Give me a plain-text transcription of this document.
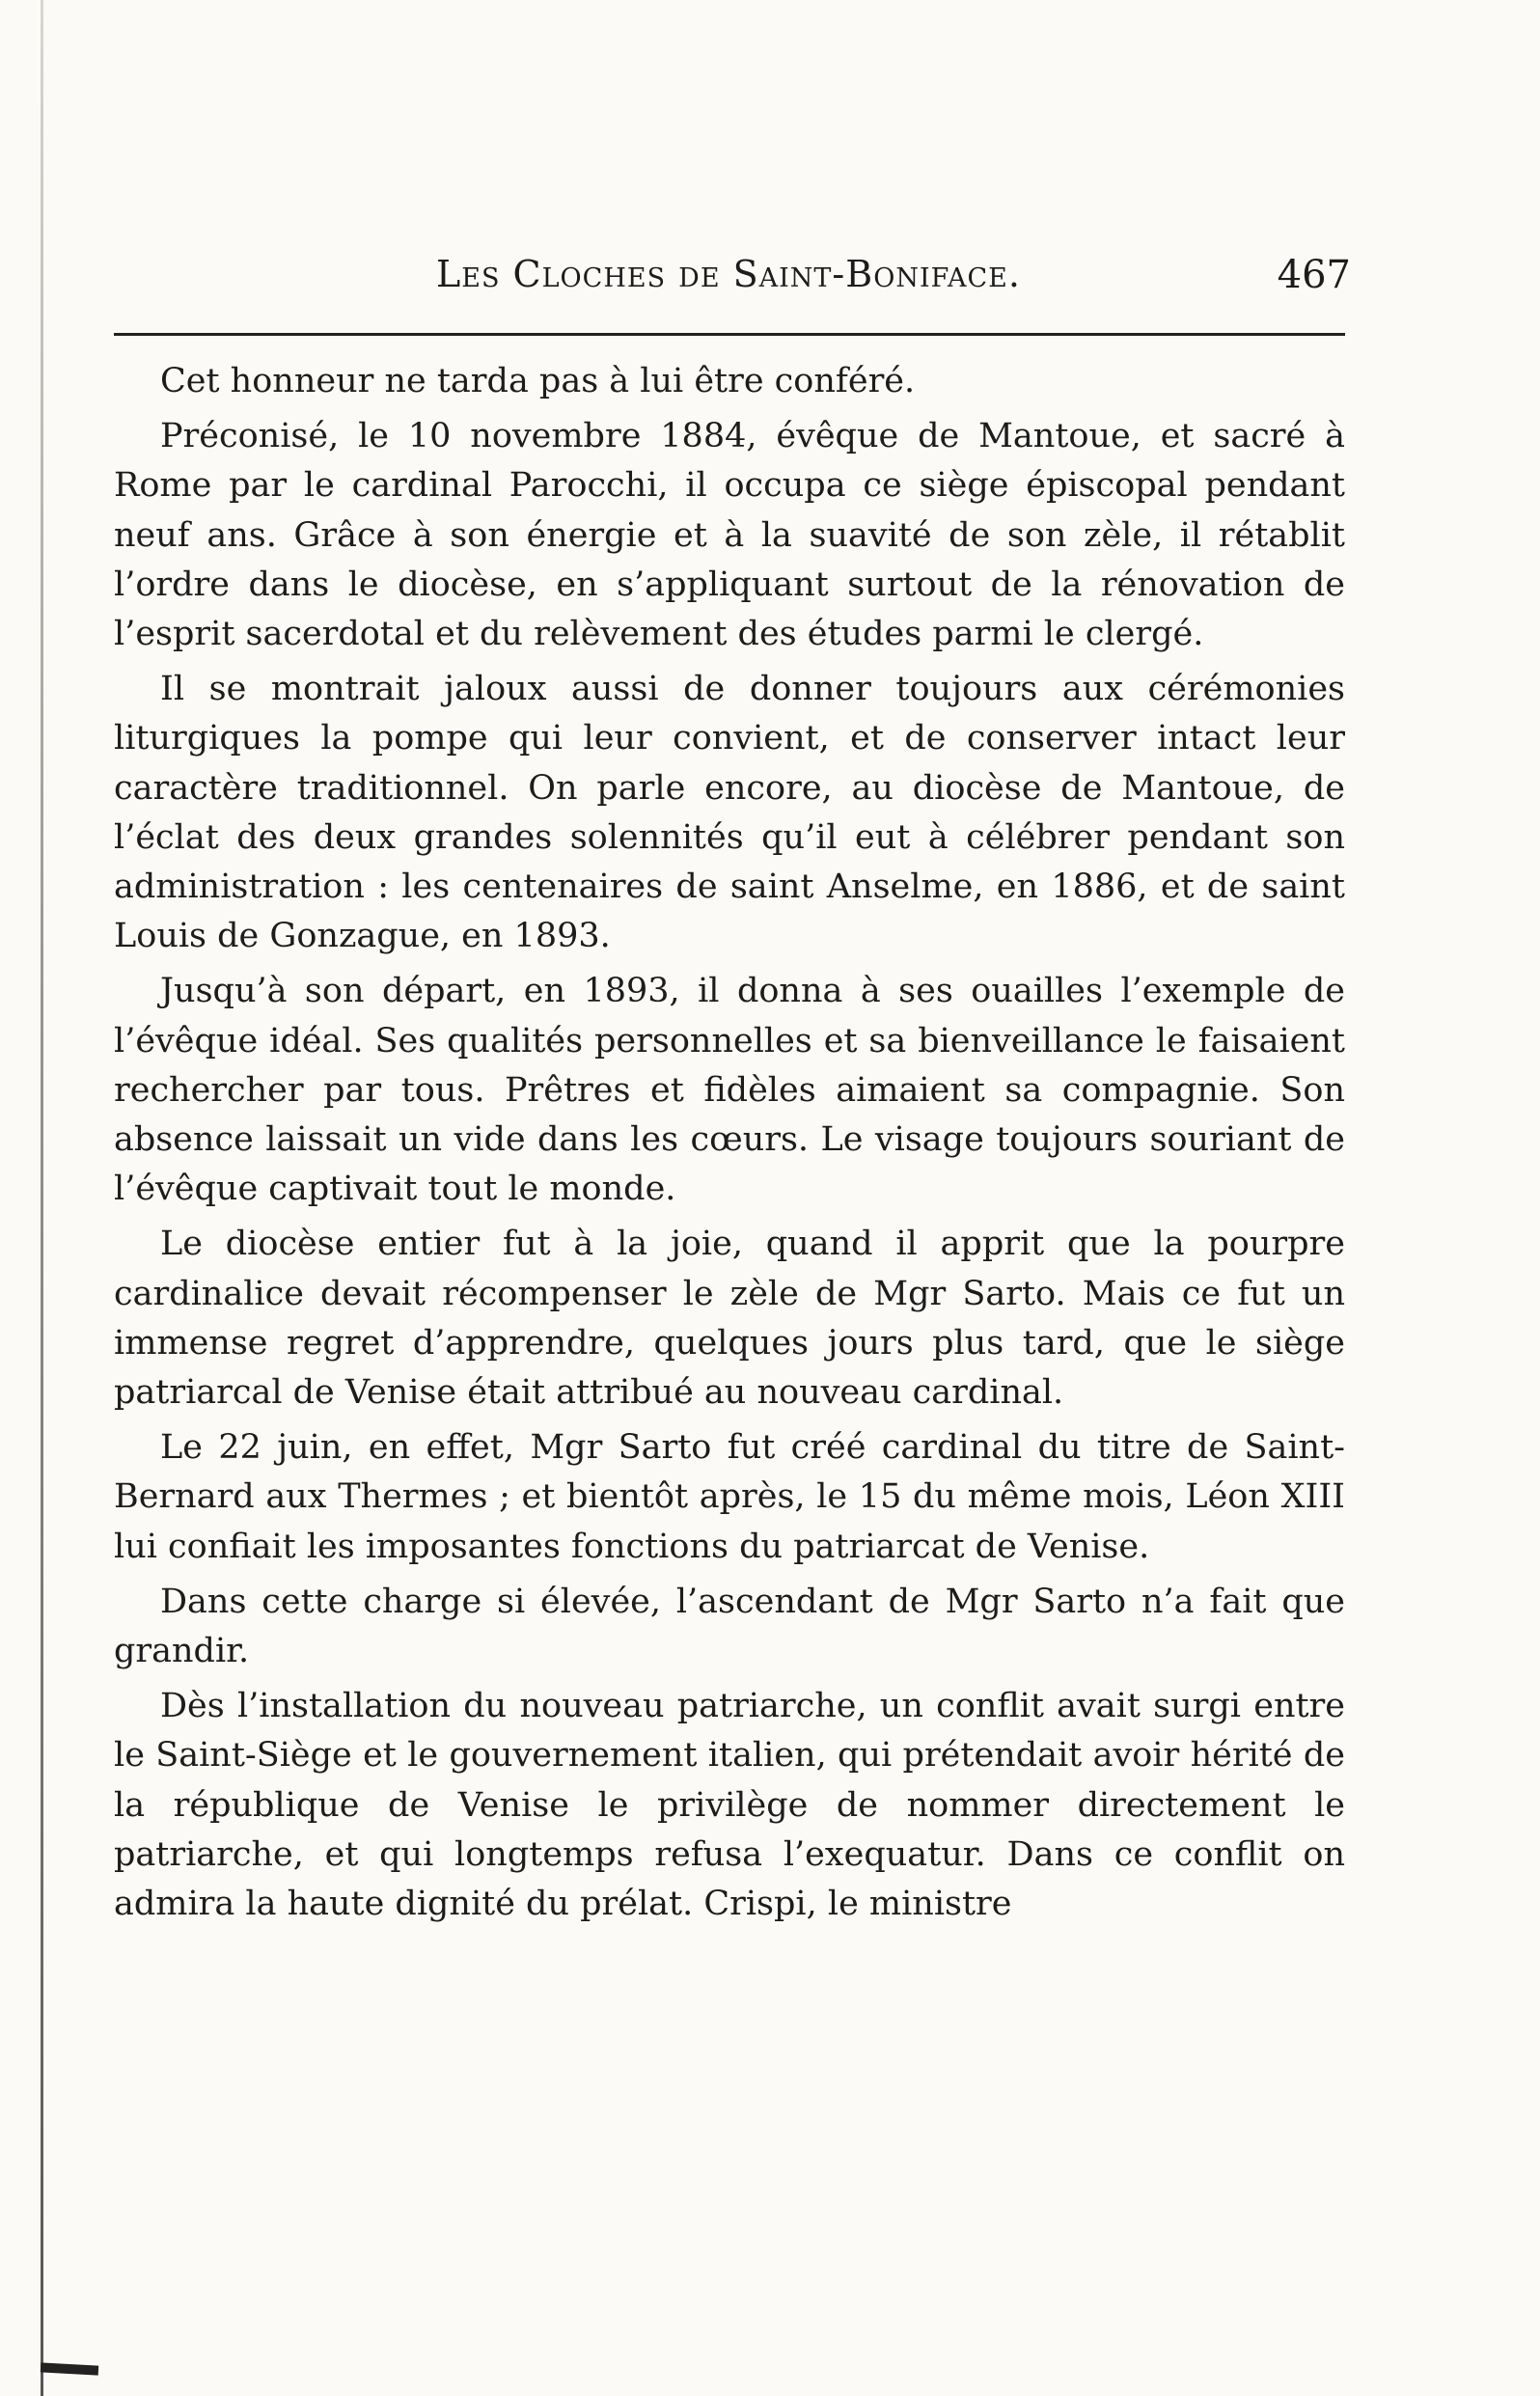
Les Cloches de Saint-Boniface.	467

Cet honneur ne tarda pas à lui être conféré.

Préconisé, le 10 novembre 1884, évêque de Mantoue, et sacré à Rome par le cardinal Parocchi, il occupa ce siège épiscopal pendant neuf ans. Grâce à son énergie et à la suavité de son zèle, il rétablit l’ordre dans le diocèse, en s’appliquant surtout de la rénovation de l’esprit sacerdotal et du relèvement des études parmi le clergé.

Il se montrait jaloux aussi de donner toujours aux cérémonies liturgiques la pompe qui leur convient, et de conserver intact leur caractère traditionnel. On parle encore, au diocèse de Mantoue, de l’éclat des deux grandes solennités qu’il eut à célébrer pendant son administration : les centenaires de saint Anselme, en 1886, et de saint Louis de Gonzague, en 1893.

Jusqu’à son départ, en 1893, il donna à ses ouailles l’exemple de l’évêque idéal. Ses qualités personnelles et sa bienveillance le faisaient rechercher par tous. Prêtres et fidèles aimaient sa compagnie. Son absence laissait un vide dans les cœurs. Le visage toujours souriant de l’évêque captivait tout le monde.

Le diocèse entier fut à la joie, quand il apprit que la pourpre cardinalice devait récompenser le zèle de Mgr Sarto. Mais ce fut un immense regret d’apprendre, quelques jours plus tard, que le siège patriarcal de Venise était attribué au nouveau cardinal.

Le 22 juin, en effet, Mgr Sarto fut créé cardinal du titre de Saint-Bernard aux Thermes ; et bientôt après, le 15 du même mois, Léon XIII lui confiait les imposantes fonctions du patriarcat de Venise.

Dans cette charge si élevée, l’ascendant de Mgr Sarto n’a fait que grandir.

Dès l’installation du nouveau patriarche, un conflit avait surgi entre le Saint-Siège et le gouvernement italien, qui prétendait avoir hérité de la république de Venise le privilège de nommer directement le patriarche, et qui longtemps refusa l’exequatur. Dans ce conflit on admira la haute dignité du prélat. Crispi, le ministre
